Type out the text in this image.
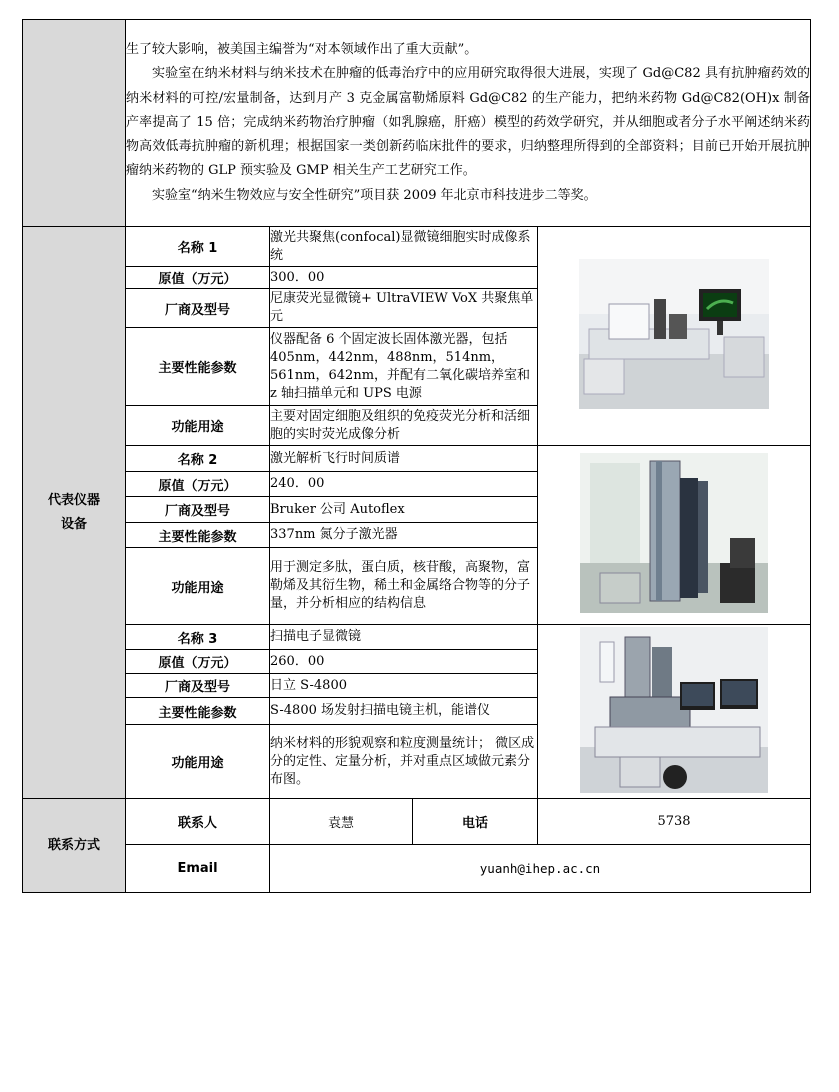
	生了较大影响，被美国主编誉为“对本领域作出了重大贡献”。

实验室在纳米材料与纳米技术在肿瘤的低毒治疗中的应用研究取得很大进展，实现了 Gd@C82 具有抗肿瘤药效的纳米材料的可控/宏量制备，达到月产 3 克金属富勒烯原料 Gd@C82 的生产能力，把纳米药物 Gd@C82(OH)x 制备产率提高了 15 倍；完成纳米药物治疗肿瘤（如乳腺癌，肝癌）模型的药效学研究，并从细胞或者分子水平阐述纳米药物高效低毒抗肿瘤的新机理；根据国家一类创新药临床批件的要求，归纳整理所得到的全部资料；目前已开始开展抗肿瘤纳米药物的 GLP 预实验及 GMP 相关生产工艺研究工作。

实验室“纳米生物效应与安全性研究”项目获 2009 年北京市科技进步二等奖。			

代表仪器设备	名称 1	激光共聚焦(confocal)显微镜细胞实时成像系统	
	原值（万元）	300．00		
	厂商及型号	尼康荧光显微镜+ UltraVIEW VoX 共聚焦单元		
	主要性能参数	仪器配备 6 个固定波长固体激光器，包括 405nm，442nm，488nm，514nm，561nm，642nm，并配有二氧化碳培养室和 z 轴扫描单元和 UPS 电源		
	功能用途	主要对固定细胞及组织的免疫荧光分析和活细胞的实时荧光成像分析		
	名称 2	激光解析飞行时间质谱	
	原值（万元）	240．00		
	厂商及型号	Bruker 公司 Autoflex		
	主要性能参数	337nm 氮分子激光器		
	功能用途	用于测定多肽，蛋白质，核苷酸，高聚物，富勒烯及其衍生物，稀土和金属络合物等的分子量，并分析相应的结构信息		
	名称 3	扫描电子显微镜	
	原值（万元）	260．00		
	厂商及型号	日立 S-4800		
	主要性能参数	S-4800 场发射扫描电镜主机，能谱仪		
	功能用途	纳米材料的形貌观察和粒度测量统计； 微区成分的定性、定量分析，并对重点区域做元素分布图。		
联系方式	联系人	袁慧	电话	5738
	Email	yuanh@ihep.ac.cn		
